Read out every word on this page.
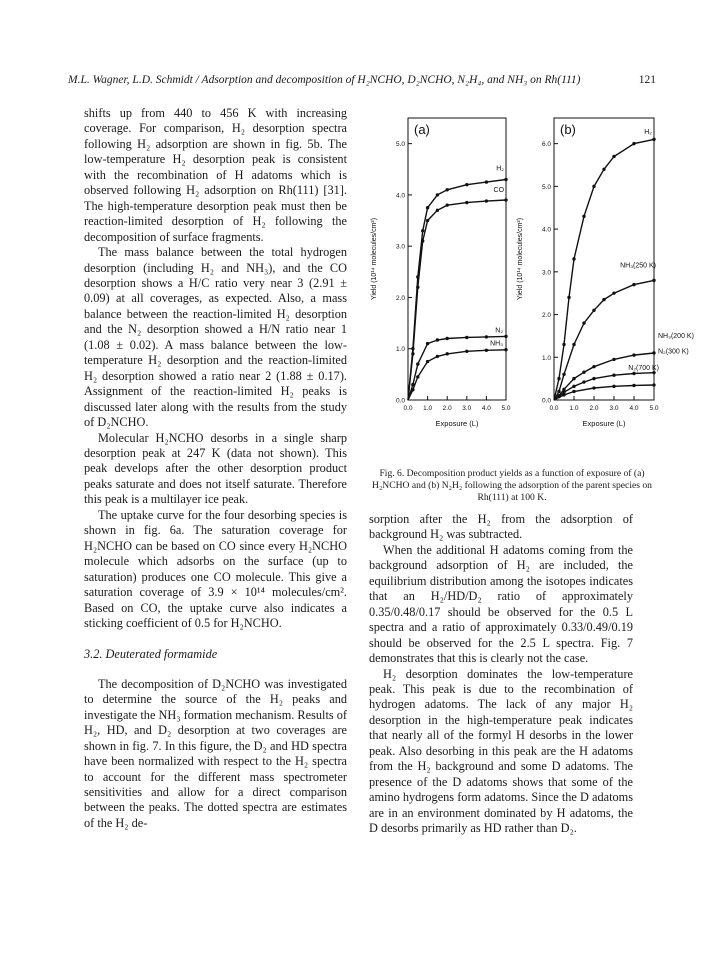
M.L. Wagner, L.D. Schmidt / Adsorption and decomposition of H₂NCHO, D₂NCHO, N₂H₄, and NH₃ on Rh(111)	121

shifts up from 440 to 456 K with increasing coverage. For comparison, H₂ desorption spectra following H₂ adsorption are shown in fig. 5b. The low-temperature H₂ desorption peak is consistent with the recombination of H adatoms which is observed following H₂ adsorption on Rh(111) [31]. The high-temperature desorption peak must then be reaction-limited desorption of H₂ following the decomposition of surface fragments.

The mass balance between the total hydrogen desorption (including H₂ and NH₃), and the CO desorption shows a H/C ratio very near 3 (2.91 ± 0.09) at all coverages, as expected. Also, a mass balance between the reaction-limited H₂ desorption and the N₂ desorption showed a H/N ratio near 1 (1.08 ± 0.02). A mass balance between the low-temperature H₂ desorption and the reaction-limited H₂ desorption showed a ratio near 2 (1.88 ± 0.17). Assignment of the reaction-limited H₂ peaks is discussed later along with the results from the study of D₂NCHO.

Molecular H₂NCHO desorbs in a single sharp desorption peak at 247 K (data not shown). This peak develops after the other desorption product peaks saturate and does not itself saturate. Therefore this peak is a multilayer ice peak.

The uptake curve for the four desorbing species is shown in fig. 6a. The saturation coverage for H₂NCHO can be based on CO since every H₂NCHO molecule which adsorbs on the surface (up to saturation) produces one CO molecule. This give a saturation coverage of 3.9 × 10¹⁴ molecules/cm². Based on CO, the uptake curve also indicates a sticking coefficient of 0.5 for H₂NCHO.

3.2. Deuterated formamide

The decomposition of D₂NCHO was investigated to determine the source of the H₂ peaks and investigate the NH₃ formation mechanism. Results of H₂, HD, and D₂ desorption at two coverages are shown in fig. 7. In this figure, the D₂ and HD spectra have been normalized with respect to the H₂ spectra to account for the different mass spectrometer sensitivities and allow for a direct comparison between the peaks. The dotted spectra are estimates of the H₂ de-

(a)
0.0 1.0 2.0 3.0 4.0 5.0
0.0
1.0
2.0
3.0
4.0
5.0
Exposure (L)
Yield (10¹⁴ molecules/cm²)
N₂
NH₃
H₂
CO
(b)
0.0 1.0 2.0 3.0 4.0 5.0
0.0
1.0
2.0
3.0
4.0
5.0
6.0
Exposure (L)
Yield (10¹⁴ molecules/cm²)
H₂
NH₃(250 K)
NH₃(200 K)
N₂(300 K)
N₂(700 K)
Fig. 6. Decomposition product yields as a function of exposure of (a) H₂NCHO and (b) N₂H₂ following the adsorption of the parent species on Rh(111) at 100 K.

sorption after the H₂ from the adsorption of background H₂ was subtracted.

When the additional H adatoms coming from the background adsorption of H₂ are included, the equilibrium distribution among the isotopes indicates that an H₂/HD/D₂ ratio of approximately 0.35/0.48/0.17 should be observed for the 0.5 L spectra and a ratio of approximately 0.33/0.49/0.19 should be observed for the 2.5 L spectra. Fig. 7 demonstrates that this is clearly not the case.

H₂ desorption dominates the low-temperature peak. This peak is due to the recombination of hydrogen adatoms. The lack of any major H₂ desorption in the high-temperature peak indicates that nearly all of the formyl H desorbs in the lower peak. Also desorbing in this peak are the H adatoms from the H₂ background and some D adatoms. The presence of the D adatoms shows that some of the amino hydrogens form adatoms. Since the D adatoms are in an environment dominated by H adatoms, the D desorbs primarily as HD rather than D₂.
